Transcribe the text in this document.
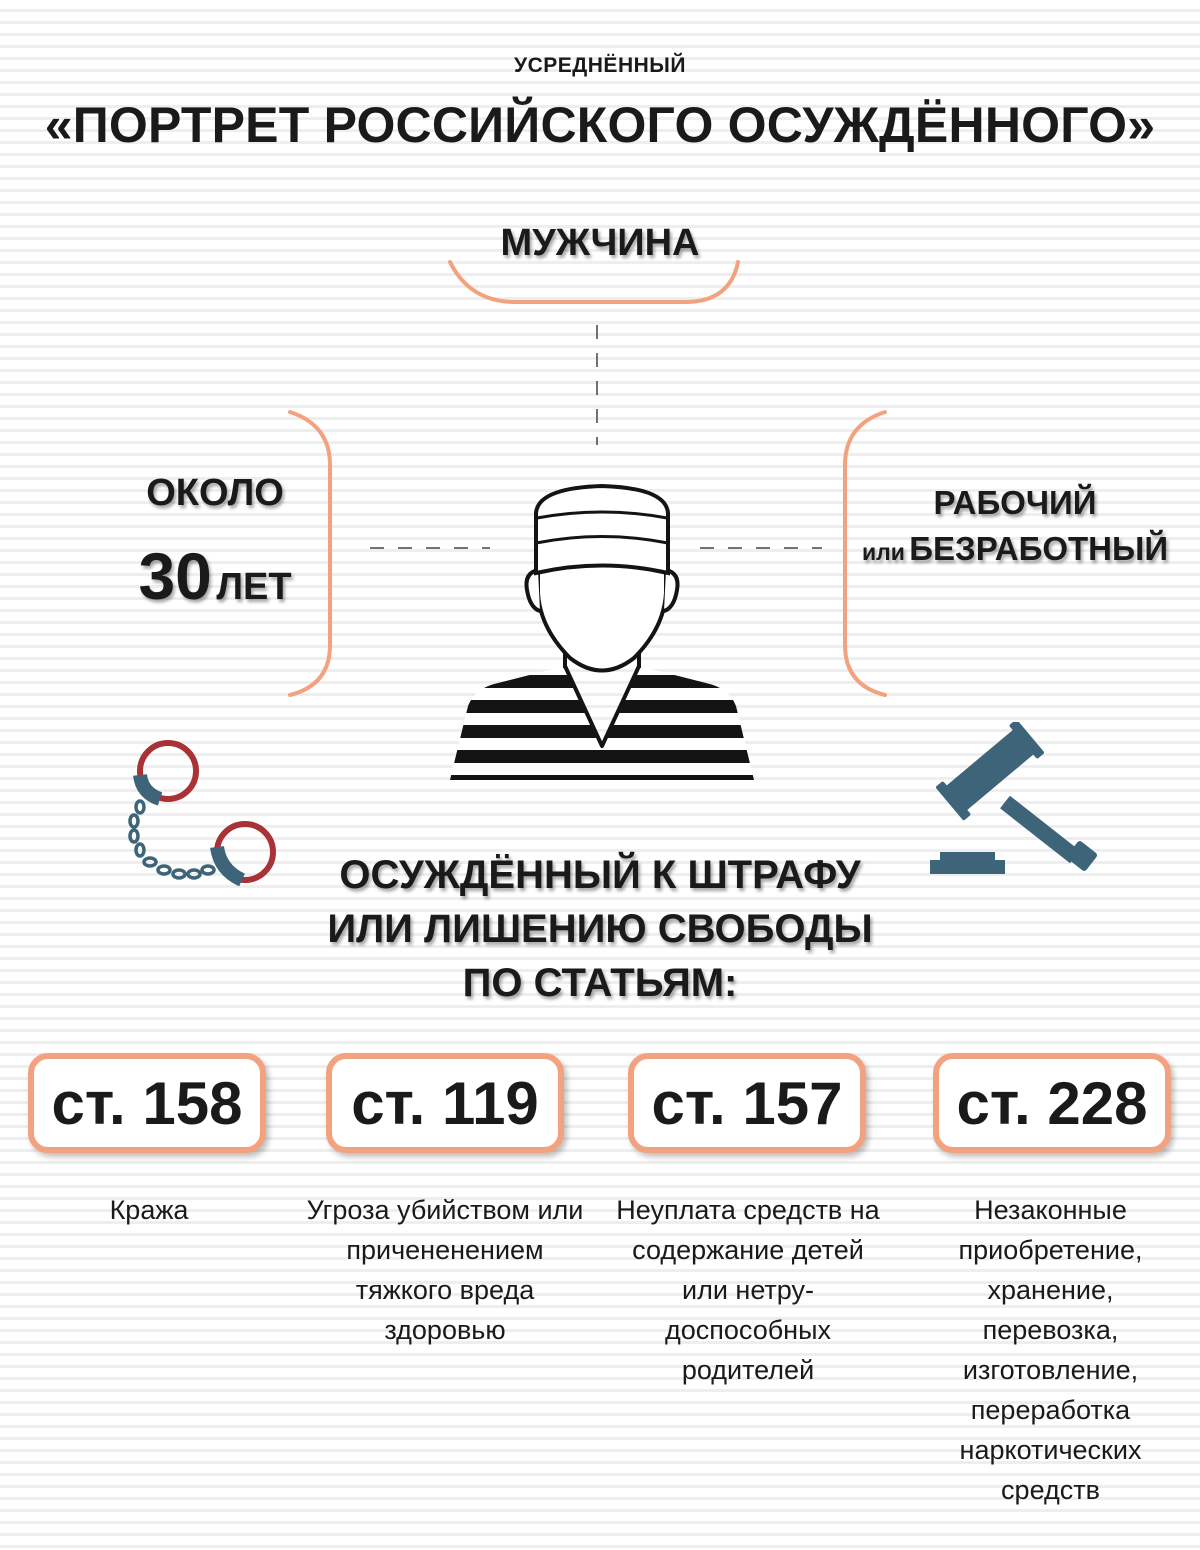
УСРЕДНЁННЫЙ
«ПОРТРЕТ РОССИЙСКОГО ОСУЖДЁННОГО»
МУЖЧИНА
ОКОЛО
30 ЛЕТ
РАБОЧИЙ
или БЕЗРАБОТНЫЙ
ОСУЖДЁННЫЙ К ШТРАФУ
ИЛИ ЛИШЕНИЮ СВОБОДЫ
ПО СТАТЬЯМ:
ст. 158	ст. 119	ст. 157	ст. 228
Кража	Угроза убийством или причененением тяжкого вреда здоровью
Неуплата средств на содержание детей или нетру-доспособных родителей
Незаконные приобретение, хранение, перевозка, изготовление, переработка наркотических средств
